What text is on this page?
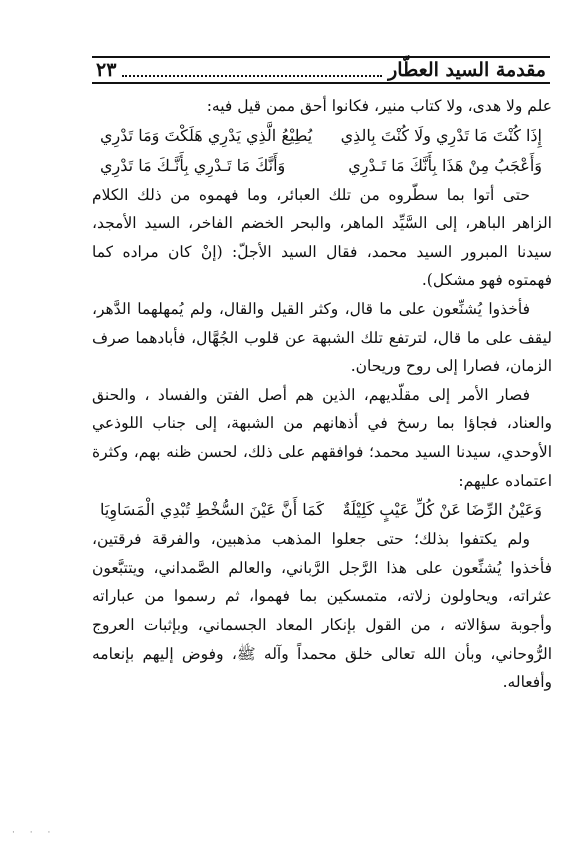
مقدمة السيد العطّار
٢٣

علم ولا هدى، ولا كتاب منير، فكانوا أحق ممن قيل فيه:

إِذَا كُنْتَ مَا تَدْرِي ولَا كُنْتَ بِالذِي
يُطِيْعُ الَّذِي يَدْرِي هَلَكْتَ وَمَا تَدْرِي
وَأَعْجَبُ مِنْ هَذَا بِأَنَّكَ مَا تَـدْرِي
وَأَنَّكَ مَا تَـدْرِي بِأَنَّـكَ مَا تَدْرِي

حتى أتوا بما سطّروه من تلك العبائر، وما فهموه من ذلك الكلام الزاهر الباهر، إلى السَّيِّد الماهر، والبحر الخضم الفاخر، السيد الأمجد، سيدنا المبرور السيد محمد، فقال السيد الأجلّ: (إنْ كان مراده كما فهمتوه فهو مشكل).

فأخذوا يُشنِّعون على ما قال، وكثر القيل والقال، ولم يُمهلهما الدَّهر، ليقف على ما قال، لترتفع تلك الشبهة عن قلوب الجُهَّال، فأبادهما صرف الزمان، فصارا إلى روح وريحان.

فصار الأمر إلى مقلّديهم، الذين هم أصل الفتن والفساد ، والحنق والعناد، فجاؤا بما رسخ في أذهانهم من الشبهة، إلى جناب اللوذعي الأوحدي، سيدنا السيد محمد؛ فوافقهم على ذلك، لحسن ظنه بهم، وكثرة اعتماده عليهم:

وَعَيْنُ الرِّضَا عَنْ كُلِّ عَيْبٍ كَلِيْلَةٌ
كَمَا أَنَّ عَيْنَ السُّخْطِ تُبْدِي الْمَسَاوِيَا

ولم يكتفوا بذلك؛ حتى جعلوا المذهب مذهبين، والفرقة فرقتين، فأخذوا يُشنِّعون على هذا الرَّجل الرَّباني، والعالم الصَّمداني، ويتتبَّعون عثراته، ويحاولون زلاته، متمسكين بما فهموا، ثم رسموا من عباراته وأجوبة سؤالاته ، من القول بإنكار المعاد الجسماني، وبإثبات العروج الرُّوحاني، وبأن الله تعالى خلق محمداً وآله ﷺ، وفوض إليهم بإنعامه وأفعاله.

· · ·
